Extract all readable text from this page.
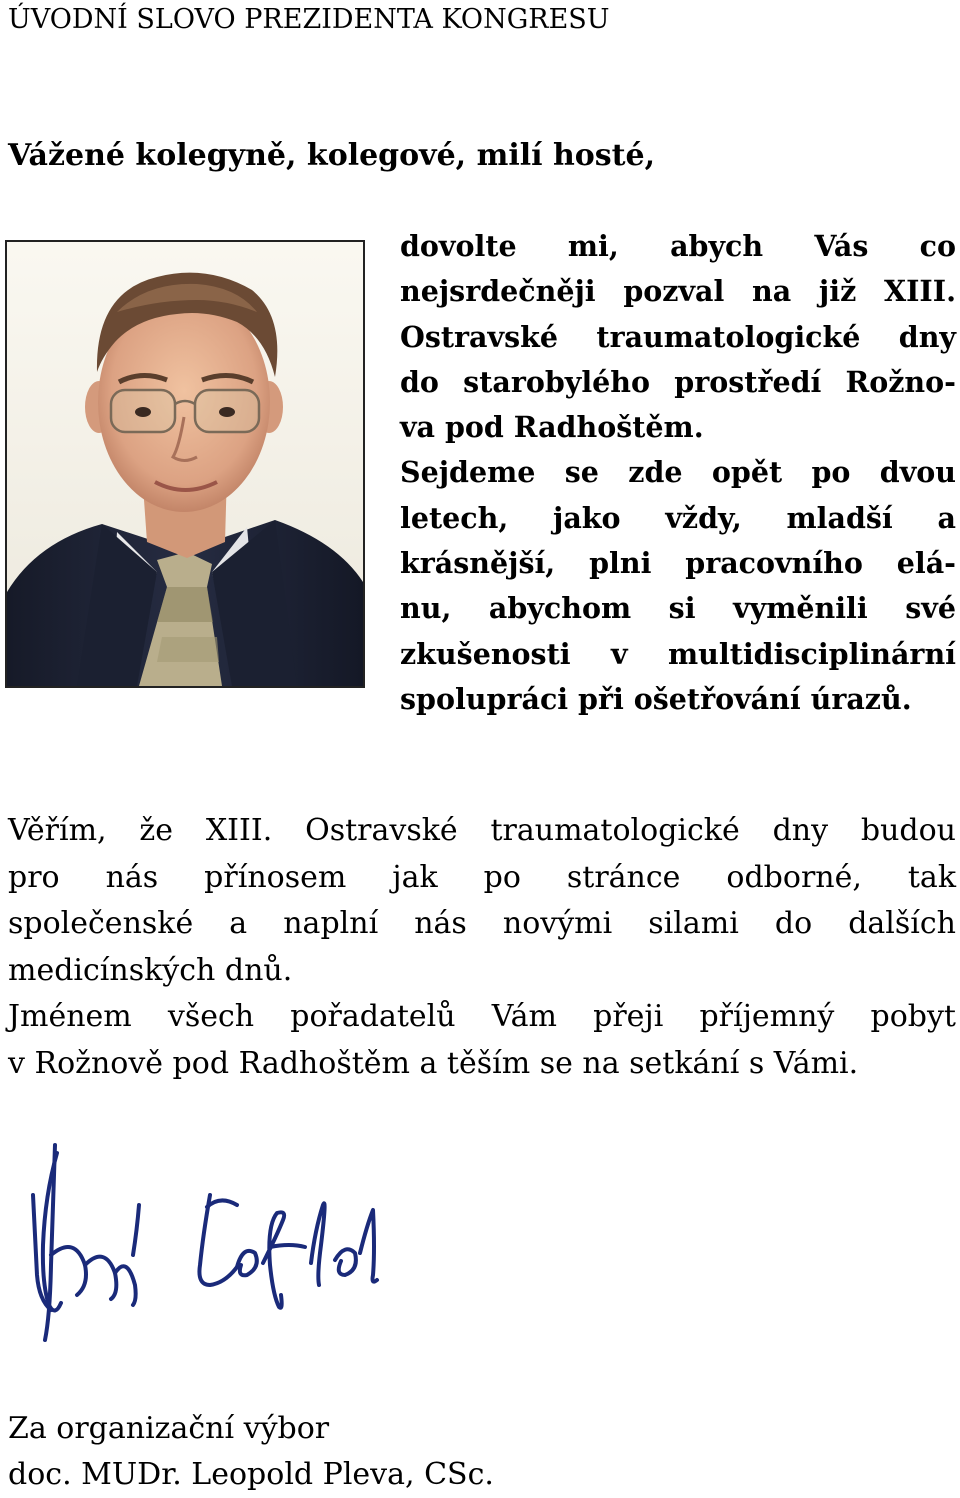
ÚVODNÍ SLOVO PREZIDENTA KONGRESU
Vážené kolegyně, kolegové, milí hosté,
dovolte mi, abych Vás co
nejsrdečněji pozval na již XIII.
Ostravské traumatologické dny
do starobylého prostředí Rožno-
va pod Radhoštěm.
Sejdeme se zde opět po dvou
letech, jako vždy, mladší a
krásnější, plni pracovního elá-
nu, abychom si vyměnili své
zkušenosti v multidisciplinární
spolupráci při ošetřování úrazů.
Věřím, že XIII. Ostravské traumatologické dny budou
pro nás přínosem jak po stránce odborné, tak
společenské a naplní nás novými silami do dalších
medicínských dnů.
Jménem všech pořadatelů Vám přeji příjemný pobyt
v Rožnově pod Radhoštěm a těším se na setkání s Vámi.
Leopold
Za organizační výbor
doc. MUDr. Leopold Pleva, CSc.
